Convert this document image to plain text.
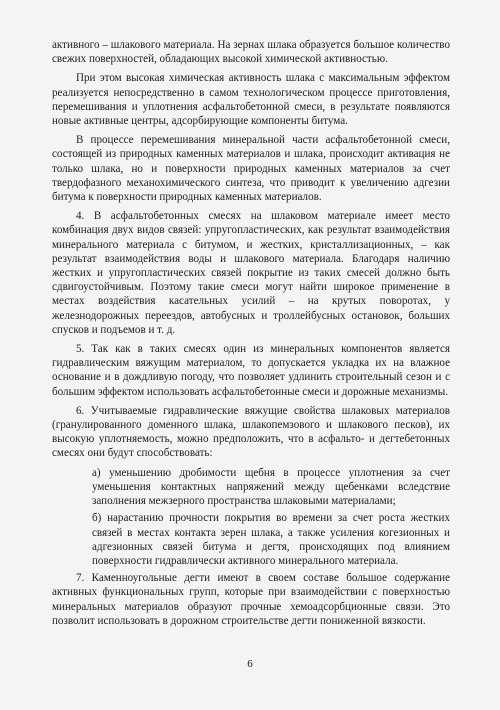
активного – шлакового материала. На зернах шлака образуется большое количество свежих поверхностей, обладающих высокой химической активностью.

При этом высокая химическая активность шлака с максимальным эффектом реализуется непосредственно в самом технологическом процессе приготовления, перемешивания и уплотнения асфальтобетонной смеси, в результате появляются новые активные центры, адсорбирующие компоненты битума.

В процессе перемешивания минеральной части асфальтобетонной смеси, состоящей из природных каменных материалов и шлака, происходит активация не только шлака, но и поверхности природных каменных материалов за счет твердофазного механохимического синтеза, что приводит к увеличению адгезии битума к поверхности природных каменных материалов.

4. В асфальтобетонных смесях на шлаковом материале имеет место комбинация двух видов связей: упругопластических, как результат взаимодействия минерального материала с битумом, и жестких, кристаллизационных, – как результат взаимодействия воды и шлакового материала. Благодаря наличию жестких и упругопластических связей покрытие из таких смесей должно быть сдвигоустойчивым. Поэтому такие смеси могут найти широкое применение в местах воздействия касательных усилий – на крутых поворотах, у железнодорожных переездов, автобусных и троллейбусных остановок, больших спусков и подъемов и т. д.

5. Так как в таких смесях один из минеральных компонентов является гидравлическим вяжущим материалом, то допускается укладка их на влажное основание и в дождливую погоду, что позволяет удлинить строительный сезон и с большим эффектом использовать асфальтобетонные смеси и дорожные механизмы.

6. Учитываемые гидравлические вяжущие свойства шлаковых материалов (гранулированного доменного шлака, шлакопемзового и шлакового песков), их высокую уплотняемость, можно предположить, что в асфальто- и дегтебетонных смесях они будут способствовать:

а) уменьшению дробимости щебня в процессе уплотнения за счет уменьшения контактных напряжений между щебенками вследствие заполнения межзерного пространства шлаковыми материалами;

б) нарастанию прочности покрытия во времени за счет роста жестких связей в местах контакта зерен шлака, а также усиления когезионных и адгезионных связей битума и дегтя, происходящих под влиянием поверхности гидравлически активного минерального материала.

7. Каменноугольные дегти имеют в своем составе большое содержание активных функциональных групп, которые при взаимодействии с поверхностью минеральных материалов образуют прочные хемоадсорбционные связи. Это позволит использовать в дорожном строительстве дегти пониженной вязкости.

6
